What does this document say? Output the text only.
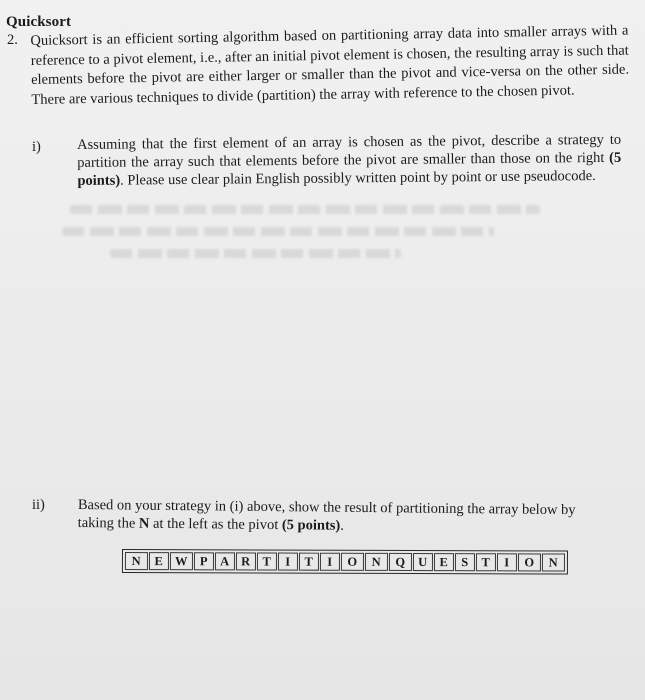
Quicksort
2. Quicksort is an efficient sorting algorithm based on partitioning array data into smaller arrays with a reference to a pivot element, i.e., after an initial pivot element is chosen, the resulting array is such that elements before the pivot are either larger or smaller than the pivot and vice-versa on the other side. There are various techniques to divide (partition) the array with reference to the chosen pivot.
i) Assuming that the first element of an array is chosen as the pivot, describe a strategy to partition the array such that elements before the pivot are smaller than those on the right (5 points). Please use clear plain English possibly written point by point or use pseudocode.
ii) Based on your strategy in (i) above, show the result of partitioning the array below by taking the N at the left as the pivot (5 points).
N	E W P A R T	I	T	I	O	N	Q	U E	S	T	I	O	N
